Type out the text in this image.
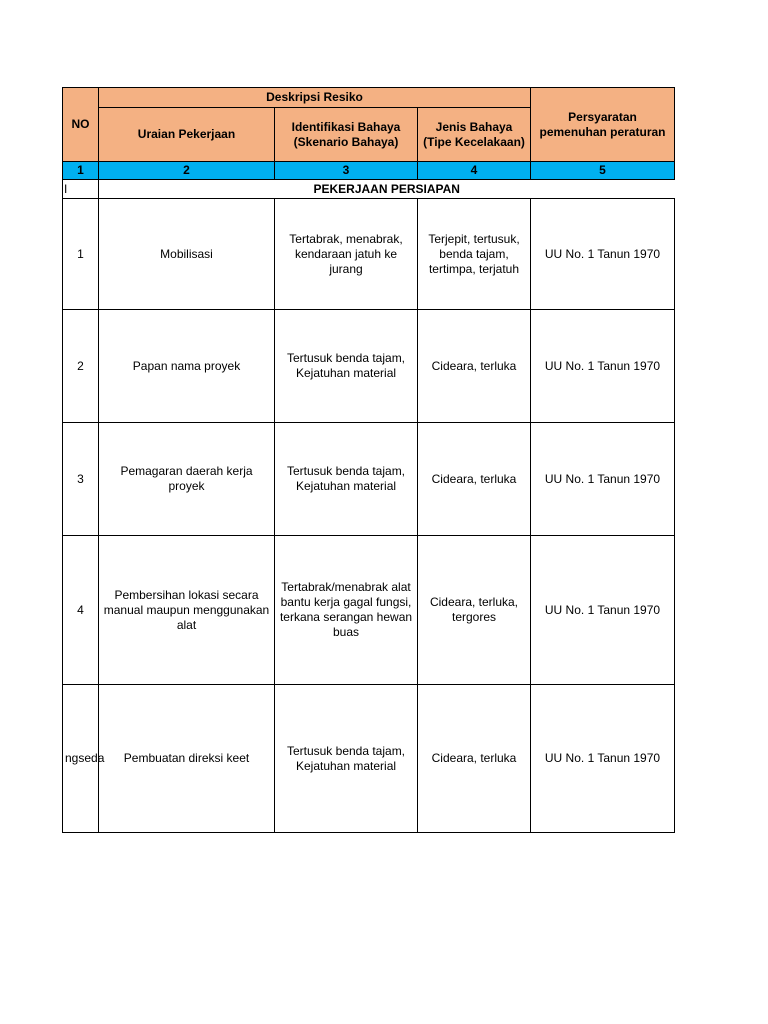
NO	Deskripsi Resiko			Persyaratan pemenuhan peraturan
	Uraian Pekerjaan	Identifikasi Bahaya (Skenario Bahaya)	Jenis Bahaya (Tipe Kecelakaan)	
1	2	3	4	5
I	PEKERJAAN PERSIAPAN			
1	Mobilisasi	Tertabrak, menabrak, kendaraan jatuh ke jurang	Terjepit, tertusuk, benda tajam, tertimpa, terjatuh	UU No. 1 Tanun 1970
2	Papan nama proyek	Tertusuk benda tajam, Kejatuhan material	Cideara, terluka	UU No. 1 Tanun 1970
3	Pemagaran daerah kerja proyek	Tertusuk benda tajam, Kejatuhan material	Cideara, terluka	UU No. 1 Tanun 1970
4	Pembersihan lokasi secara manual maupun menggunakan alat	Tertabrak/menabrak alat bantu kerja gagal fungsi, terkana serangan hewan buas	Cideara, terluka, tergores	UU No. 1 Tanun 1970
ngseda	Pembuatan direksi keet	Tertusuk benda tajam, Kejatuhan material	Cideara, terluka	UU No. 1 Tanun 1970
